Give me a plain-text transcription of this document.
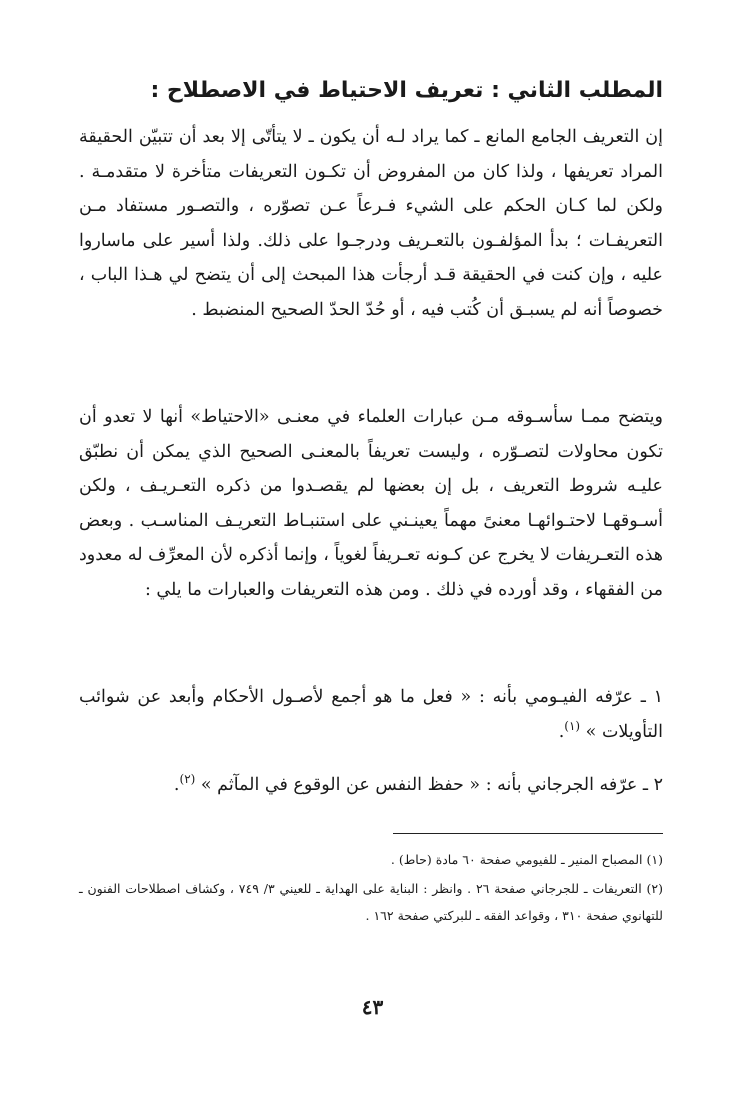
المطلب الثاني : تعريف الاحتياط في الاصطلاح :

إن التعريف الجامع المانع ـ كما يراد لـه أن يكون ـ لا يتأتّى إلا بعد أن تتبيّن الحقيقة المراد تعريفها ، ولذا كان من المفروض أن تكـون التعريفات متأخرة لا متقدمـة . ولكن لما كـان الحكم على الشيء فـرعاً عـن تصوّره ، والتصـور مستفاد مـن التعريفـات ؛ بدأ المؤلفـون بالتعـريف ودرجـوا على ذلك. ولذا أسير على ماساروا عليه ، وإن كنت في الحقيقة قـد أرجأت هذا المبحث إلى أن يتضح لي هـذا الباب ، خصوصاً أنه لم يسبـق أن كُتب فيه ، أو حُدّ الحدّ الصحيح المنضبط .

ويتضح ممـا سأسـوقه مـن عبارات العلماء في معنـى «الاحتياط» أنها لا تعدو أن تكون محاولات لتصـوّره ، وليست تعريفاً بالمعنـى الصحيح الذي يمكن أن نطبّق عليـه شروط التعريف ، بل إن بعضها لم يقصـدوا من ذكره التعـريـف ، ولكن أسـوقهـا لاحتـوائهـا معنىً مهماً يعينـني على استنبـاط التعريـف المناسـب . وبعض هذه التعـريفات لا يخرج عن كـونه تعـريفاً لغوياً ، وإنما أذكره لأن المعرِّف له معدود من الفقهاء ، وقد أورده في ذلك . ومن هذه التعريفات والعبارات ما يلي :

١ ـ عرّفه الفيـومي بأنه : « فعل ما هو أجمع لأصـول الأحكام وأبعد عن شوائب التأويلات » $^{(١)}$.

٢ ـ عرّفه الجرجاني بأنه : « حفظ النفس عن الوقوع في المآثم » $^{(٢)}$.

(١) المصباح المنير ـ للفيومي صفحة ٦٠ مادة (حاط) .

(٢) التعريفات ـ للجرجاني صفحة ٢٦ . وانظر : البناية على الهداية ـ للعيني ٣/ ٧٤٩ ، وكشاف اصطلاحات الفنون ـ للتهانوي صفحة ٣١٠ ، وقواعد الفقه ـ للبركتي صفحة ١٦٢ .

٤٣
